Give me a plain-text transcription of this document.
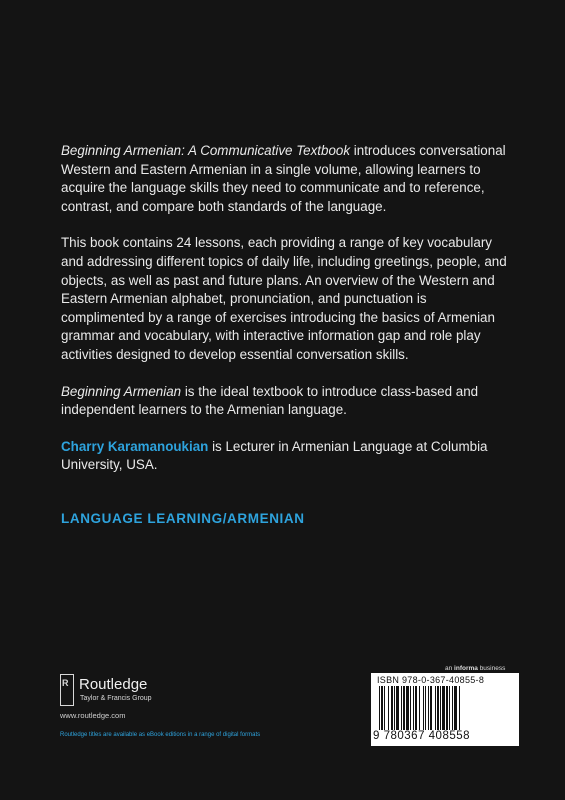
Beginning Armenian: A Communicative Textbook introduces conversational Western and Eastern Armenian in a single volume, allowing learners to acquire the language skills they need to communicate and to reference, contrast, and compare both standards of the language.

This book contains 24 lessons, each providing a range of key vocabulary and addressing different topics of daily life, including greetings, people, and objects, as well as past and future plans. An overview of the Western and Eastern Armenian alphabet, pronunciation, and punctuation is complimented by a range of exercises introducing the basics of Armenian grammar and vocabulary, with interactive information gap and role play activities designed to develop essential conversation skills.

Beginning Armenian is the ideal textbook to introduce class-based and independent learners to the Armenian language.

Charry Karamanoukian is Lecturer in Armenian Language at Columbia University, USA.

LANGUAGE LEARNING/ARMENIAN
R Routledge
Taylor & Francis Group
www.routledge.com
Routledge titles are available as eBook editions in a range of digital formats
an informa business
ISBN 978-0-367-40855-8
9 780367 408558
